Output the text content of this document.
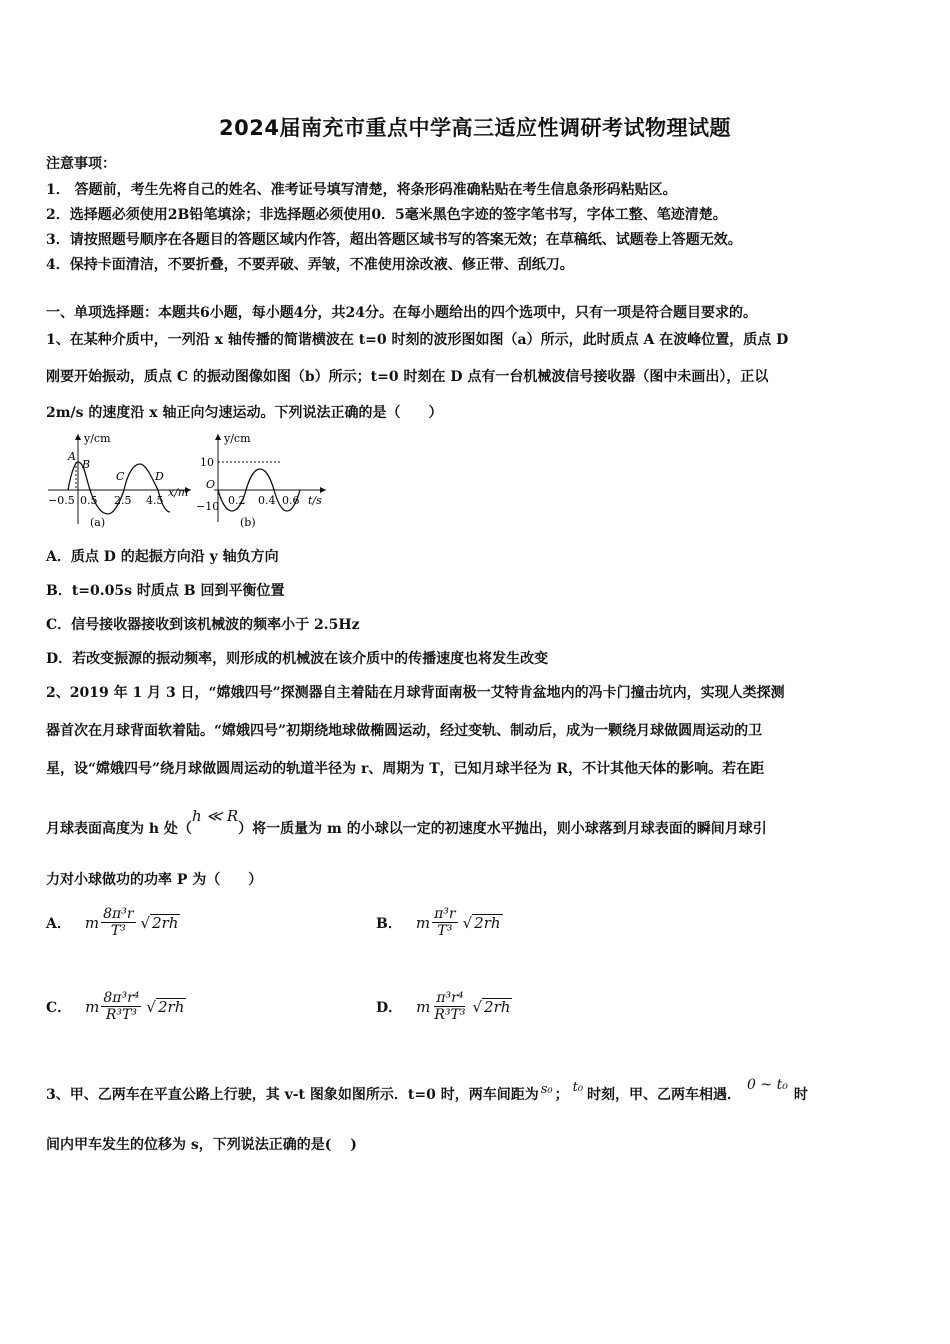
2024届南充市重点中学高三适应性调研考试物理试题
注意事项：
1． 答题前，考生先将自己的姓名、准考证号填写清楚，将条形码准确粘贴在考生信息条形码粘贴区。
2．选择题必须使用2B铅笔填涂；非选择题必须使用0．5毫米黑色字迹的签字笔书写，字体工整、笔迹清楚。
3．请按照题号顺序在各题目的答题区域内作答，超出答题区域书写的答案无效；在草稿纸、试题卷上答题无效。
4．保持卡面清洁，不要折叠，不要弄破、弄皱，不准使用涂改液、修正带、刮纸刀。
一、单项选择题：本题共6小题，每小题4分，共24分。在每小题给出的四个选项中，只有一项是符合题目要求的。
1、在某种介质中，一列沿 x 轴传播的简谐横波在 t=0 时刻的波形图如图（a）所示，此时质点 A 在波峰位置，质点 D
刚要开始振动，质点 C 的振动图像如图（b）所示；t=0 时刻在 D 点有一台机械波信号接收器（图中未画出），正以
2m/s 的速度沿 x 轴正向匀速运动。下列说法正确的是（　　）
y/cm
A
B
C	D
−0.5 0.5 2.5 4.5
x/m
(a)
y/cm
10
O
−10 0.2 0.4 0.6 t/s
(b)
A．质点 D 的起振方向沿 y 轴负方向
B．t=0.05s 时质点 B 回到平衡位置
C．信号接收器接收到该机械波的频率小于 2.5Hz
D．若改变振源的振动频率，则形成的机械波在该介质中的传播速度也将发生改变
2、2019 年 1 月 3 日，“嫦娥四号”探测器自主着陆在月球背面南极一艾特肯盆地内的冯卡门撞击坑内，实现人类探测
器首次在月球背面软着陆。“嫦娥四号”初期绕地球做椭圆运动，经过变轨、制动后，成为一颗绕月球做圆周运动的卫
星，设“嫦娥四号”绕月球做圆周运动的轨道半径为 r、周期为 T，已知月球半径为 R，不计其他天体的影响。若在距
月球表面高度为 h 处（h ≪ R）将一质量为 m 的小球以一定的初速度水平抛出，则小球落到月球表面的瞬间月球引
力对小球做功的功率 P 为（　　）
A． m $\frac{\text{8π³r}}{\text{T³}}$ √ 2rh	B． m $\frac{\text{π³r}}{\text{T³}}$ √ 2rh
C． m $\frac{\text{8π³r⁴}}{\text{R³T³}}$ √ 2rh	D． m $\frac{\text{π³r⁴}}{\text{R³T³}}$ √ 2rh
3、甲、乙两车在平直公路上行驶，其 v-t 图象如图所示．t=0 时，两车间距为 s₀ ； t₀ 时刻，甲、乙两车相遇．0 ~ t₀时
间内甲车发生的位移为 s，下列说法正确的是(　 )
